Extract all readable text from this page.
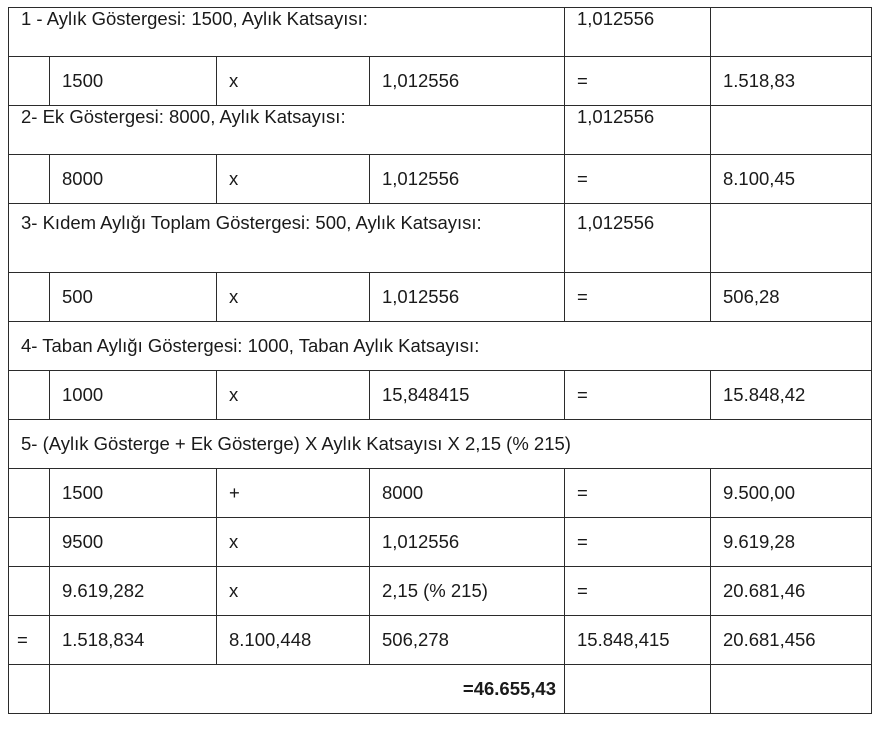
1 - Aylık Göstergesi: 1500, Aylık Katsayısı:				1,012556	
	1500	x	1,012556	=	1.518,83
2- Ek Göstergesi: 8000, Aylık Katsayısı:				1,012556	
	8000	x	1,012556	=	8.100,45
3- Kıdem Aylığı Toplam Göstergesi: 500, Aylık Katsayısı:				1,012556	
	500	x	1,012556	=	506,28
4- Taban Aylığı Göstergesi: 1000, Taban Aylık Katsayısı:					
	1000	x	15,848415	=	15.848,42
5- (Aylık Gösterge + Ek Gösterge) X Aylık Katsayısı X 2,15 (% 215)					
	1500	+	8000	=	9.500,00
	9500	x	1,012556	=	9.619,28
	9.619,282	x	2,15 (% 215)	=	20.681,46
=	1.518,834	8.100,448	506,278	15.848,415	20.681,456
	=46.655,43				
